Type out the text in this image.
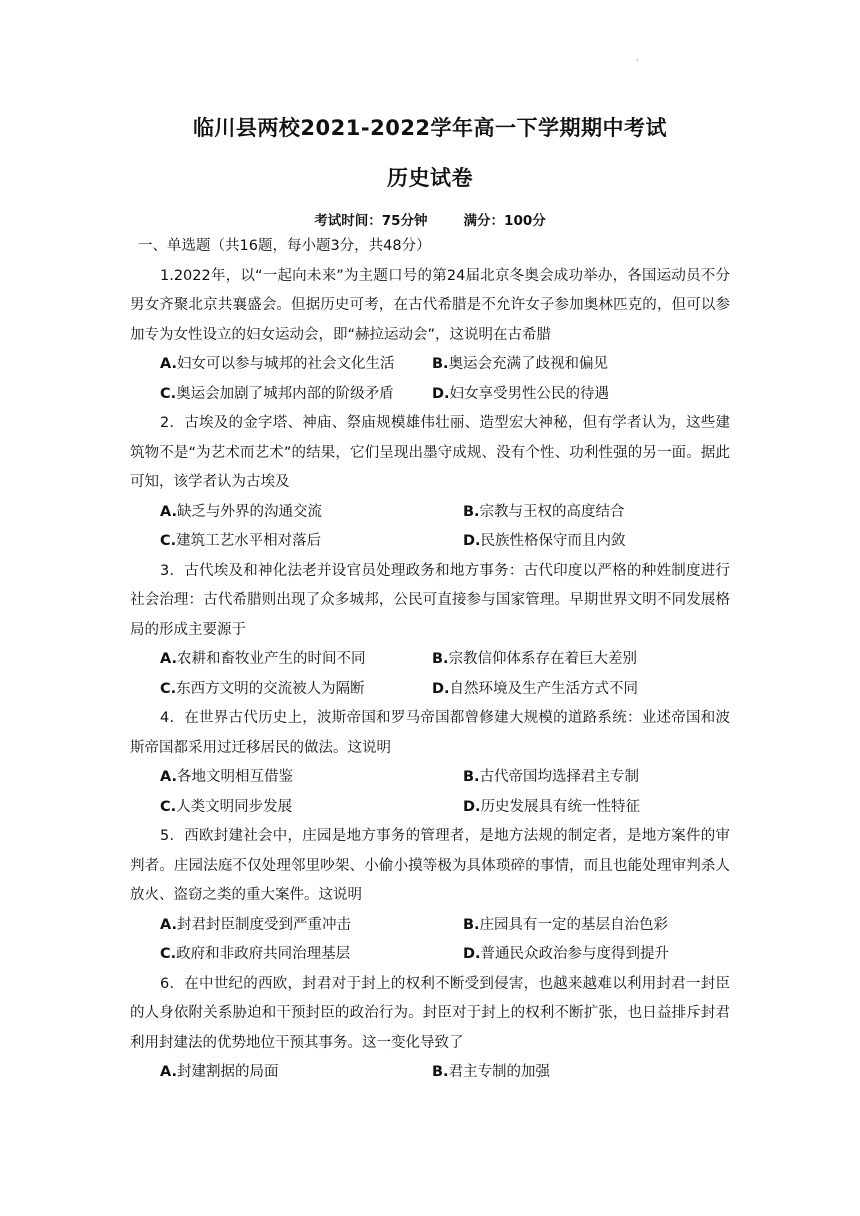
'
临川县两校2021-2022学年高一下学期期中考试
历史试卷
考试时间：75分钟	满分：100分

一、单选题（共16题，每小题3分，共48分）

1.2022年，以“一起向未来”为主题口号的第24届北京冬奥会成功举办，各国运动员不分男女齐聚北京共襄盛会。但据历史可考，在古代希腊是不允许女子参加奥林匹克的，但可以参加专为女性设立的妇女运动会，即“赫拉运动会”，这说明在古希腊

A.妇女可以参与城邦的社会文化生活	B.奥运会充满了歧视和偏见
C.奥运会加剧了城邦内部的阶级矛盾	D.妇女享受男性公民的待遇

2．古埃及的金字塔、神庙、祭庙规模雄伟壮丽、造型宏大神秘，但有学者认为，这些建筑物不是“为艺术而艺术”的结果，它们呈现出墨守成规、没有个性、功利性强的另一面。据此可知，该学者认为古埃及

A.缺乏与外界的沟通交流	B.宗教与王权的高度结合
C.建筑工艺水平相对落后	D.民族性格保守而且内敛

3．古代埃及和神化法老并设官员处理政务和地方事务：古代印度以严格的种姓制度进行社会治理：古代希腊则出现了众多城邦，公民可直接参与国家管理。早期世界文明不同发展格局的形成主要源于

A.农耕和畜牧业产生的时间不同	B.宗教信仰体系存在着巨大差别
C.东西方文明的交流被人为隔断	D.自然环境及生产生活方式不同

4．在世界古代历史上，波斯帝国和罗马帝国都曾修建大规模的道路系统：业述帝国和波斯帝国都采用过迁移居民的做法。这说明

A.各地文明相互借鉴	B.古代帝国均选择君主专制
C.人类文明同步发展	D.历史发展具有统一性特征

5．西欧封建社会中，庄园是地方事务的管理者，是地方法规的制定者，是地方案件的审判者。庄园法庭不仅处理邻里吵架、小偷小摸等极为具体琐碎的事情，而且也能处理审判杀人放火、盗窃之类的重大案件。这说明

A.封君封臣制度受到严重冲击	B.庄园具有一定的基层自治色彩
C.政府和非政府共同治理基层	D.普通民众政治参与度得到提升

6．在中世纪的西欧，封君对于封上的权利不断受到侵害，也越来越难以利用封君一封臣的人身依附关系胁迫和干预封臣的政治行为。封臣对于封上的权利不断扩张，也日益排斥封君利用封建法的优势地位干预其事务。这一变化导致了

A.封建割据的局面	B.君主专制的加强
